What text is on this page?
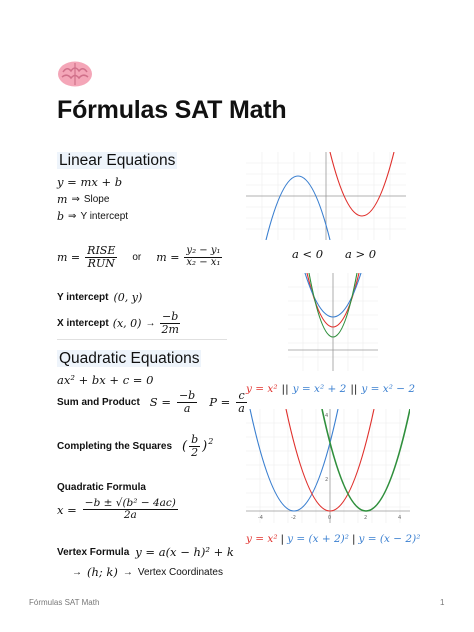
Fórmulas SAT Math
Linear Equations
y = mx + b
m ⇒ Slope
b ⇒ Y intercept
$m = \frac{\text{RISE}}{\text{RUN}}$ or $m = \frac{\text{y₂ − y₁}}{\text{x₂ − x₁}}$
Y intercept (0, y)
X intercept (x, $0) \to \frac{-b}{2m}$
Quadratic Equations
ax² + bx + c = 0
Sum and Product $S = \frac{-b}{a}$ $P = \frac{c}{a}$
Completing the Squares ( $\frac{b}{2}$ ) 2
Quadratic Formula
$x = \frac{\text{−b ± √(b² − 4ac)}}{2a}$
Vertex Formula y = a(x − h)² + k
→ (h; k) → Vertex Coordinates
a < 0 a > 0
y = x² || y = x² + 2 || y = x² − 2
-4	-2	0	2	4
4
2
y = x² | y = (x + 2)² | y = (x − 2)²
Fórmulas SAT Math	1
